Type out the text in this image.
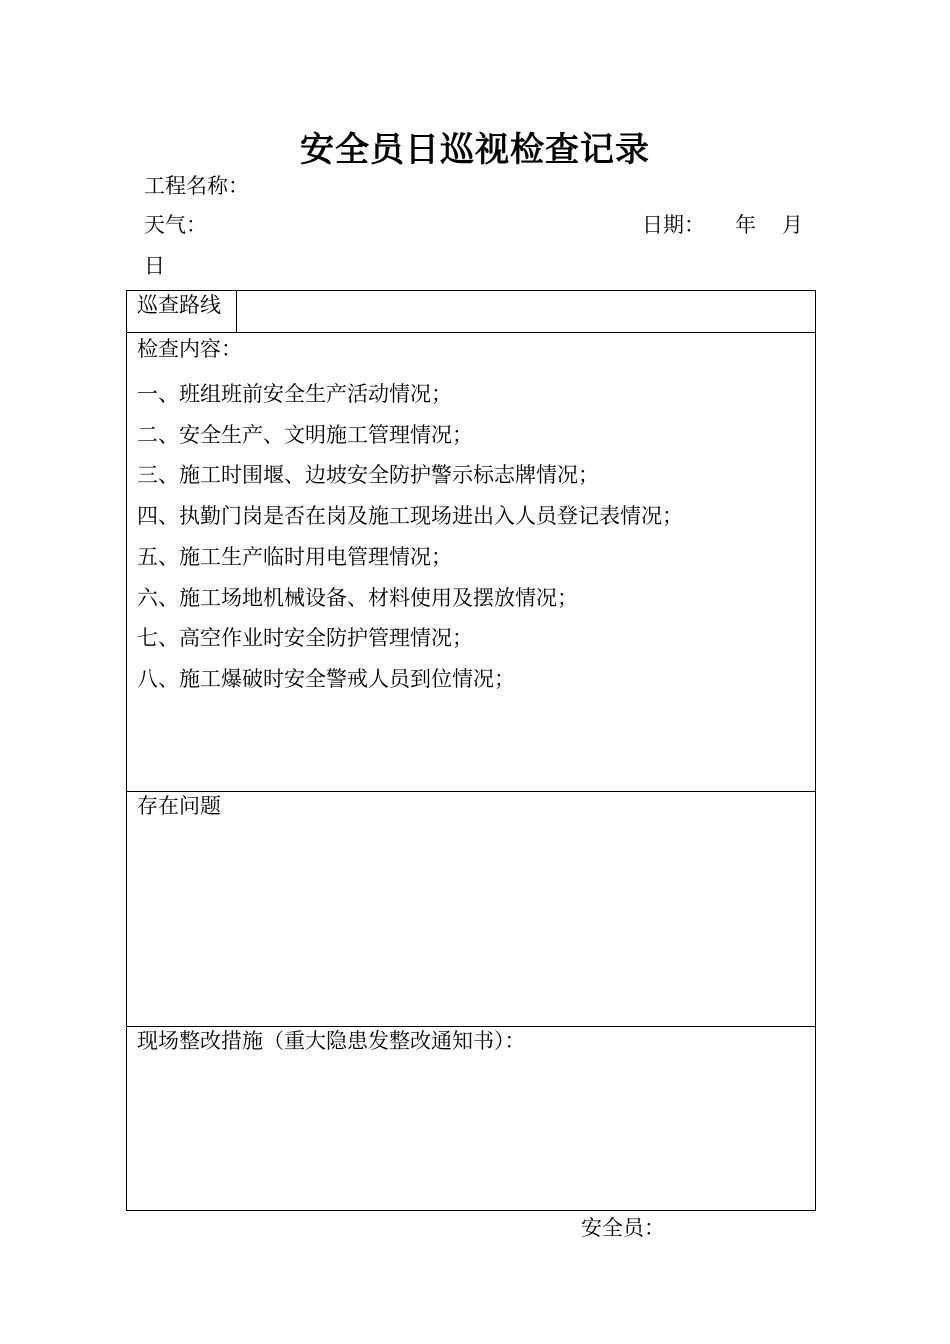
安全员日巡视检查记录
工程名称：
天气：	日期： 年 月
日
巡查路线
检查内容：
一、班组班前安全生产活动情况；
二、安全生产、文明施工管理情况；
三、施工时围堰、边坡安全防护警示标志牌情况；
四、执勤门岗是否在岗及施工现场进出入人员登记表情况；
五、施工生产临时用电管理情况；
六、施工场地机械设备、材料使用及摆放情况；
七、高空作业时安全防护管理情况；
八、施工爆破时安全警戒人员到位情况；
存在问题
现场整改措施（重大隐患发整改通知书）：
安全员：
